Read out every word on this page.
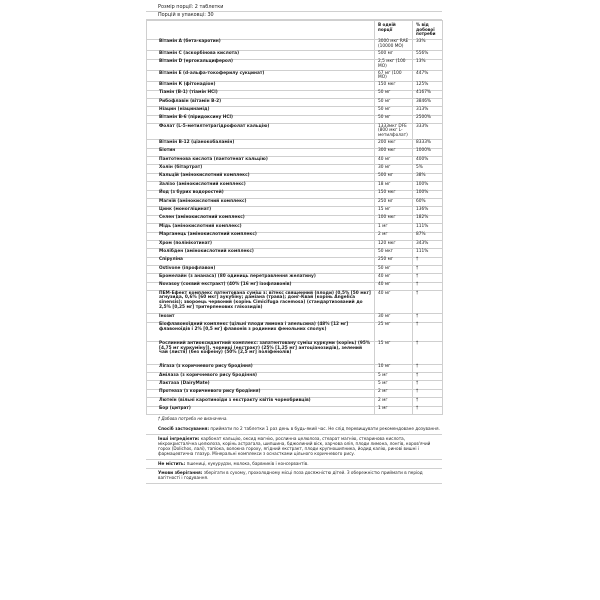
Розмір порції: 2 таблетки
Порцій в упаковці: 30
	В одній порції	% від добової потреби
Вітамін А (бета-каротин)	3000 мкг RAE (10000 МО)	33%
Вітамін С (аскорбінова кислота)	500 мг	556%
Вітамін D (ергокальциферол)	2,5 мкг (100 МО)	13%
Вітамін Е (d-альфа-токоферилу сукцинат)	67 мг (100 МО)	447%
Вітамін К (фітонадіон)	150 мкг	125%
Тіамін (B-1) (тіамін HCl)	50 мг	4167%
Рибофлавін (вітамін В-2)	50 мг	3846%
Ніацин (ніацинамід)	50 мг	313%
Вітамін B-6 (піридоксину HCl)	50 мг	2500%
Фолат (L-5-метилтетрагідрофолат кальцію)	1333мкг DFE (800 мкг L-метилфолат)	333%
Вітамін B-12 (ціанокобаламін)	200 мкг	8333%
Біотин	300 мкг	1000%
Пантотенова кислота (пантотенат кальцію)	40 мг	400%
Холін (бітартрат)	30 мг	5%
Кальцій (амінокислотний комплекс)	500 мг	38%
Залізо (амінокислотний комплекс)	18 мг	100%
Йод (з бурих водоростей)	150 мкг	100%
Магній (амінокислотний комплекс)	250 мг	60%
Цинк (моногліцинат)	15 мг	136%
Селен (амінокислотний комплекс)	100 мкг	182%
Мідь (амінокислотний комплекс)	1 мг	111%
Марганець (амінокислотний комплекс)	2 мг	87%
Хром (полінікотинат)	120 мкг	343%
Молібден (амінокислотний комплекс)	50 мкг	111%
Спіруліна	250 мг	†
Ostivone (іпрофлавон)	50 мг	†
Бромелайн (з ананаса) (80 одиниць перетравлення желатину)	40 мг	†
Novasoy (соєвий екстракт) (40% [16 мг] ізофлавонів)	40 мг	†
ПЕМ-Ефект комплекс патентована суміш з: вітекс священний (плоди) (0,5% [50 мкг] агнузида, 0,6% [60 мкг] аукубіну; дамiана (трава); донг-Квай (корінь Angelica sinensis); звороець червоний (корінь Cimicifuga racemosa) (стандартизований до 2,5% [0,25 мг] тритерпенових глікозидів)	40 мг	†
Інозит	30 мг	†
Біофлавоноїдний комплекс (цільні плоди лимона і апельсина) (48% [12 мг] флавоноїдів і 2% [0,5 мг] флавонів з родинних фенольних сполук)	25 мг	†
Рослинний антиоксидантний комплекс: запатентовану суміш куркуми (корінь) (95% [4,75 мг куркуміну]), чорниці (екстракт) (25% [1,25 мг] антоціанозидів), зелений чай (листя) (без кофеїну) (50% [2,5 мг] поліфенолів)	15 мг	†
Лігаза (з коричневого рису бродіння)	10 мг	†
Амілаза (з коричневого рису бродіння)	5 мг	†
Лактаза (DairyMate)	5 мг	†
Протеаза (з коричневого рису бродіння)	2 мг	†
Лютеїн (вільні каротиноїди з екстракту квітів чорнобривців)	2 мг	†
Бор (цитрат)	1 мг	†
† Добова потреба не визначена.
Спосіб застосування: приймати по 2 таблетки 1 раз день в будь-який час. Не слід перевищувати рекомендоване дозування.
Інші інгредієнти: карбонат кальцію, оксид магнію, рослинна целюлоза, стеарат магнію, стеаринова кислота, мікрокристалічна целюлоза, корінь астрагала, шипшина, бджолиний віск, харчова олія, плоди лимона, лонгів, коров'ячий горох (Dolichos, лалі), тапіока, волокна гороху, ягідний екстракт, плоди крупношипника, йодид калію, ринові вишні і фармацевтична глазур. Мінеральні комплекси з оснастками цільного коричневого рису.
Не містить: пшениці, кукурудзи, молока, барвників і консервантів.
Умови зберігання: зберігати в сухому, прохолодному місці поза досяжністю дітей. З обережністю приймати в період вагітності і годування.
